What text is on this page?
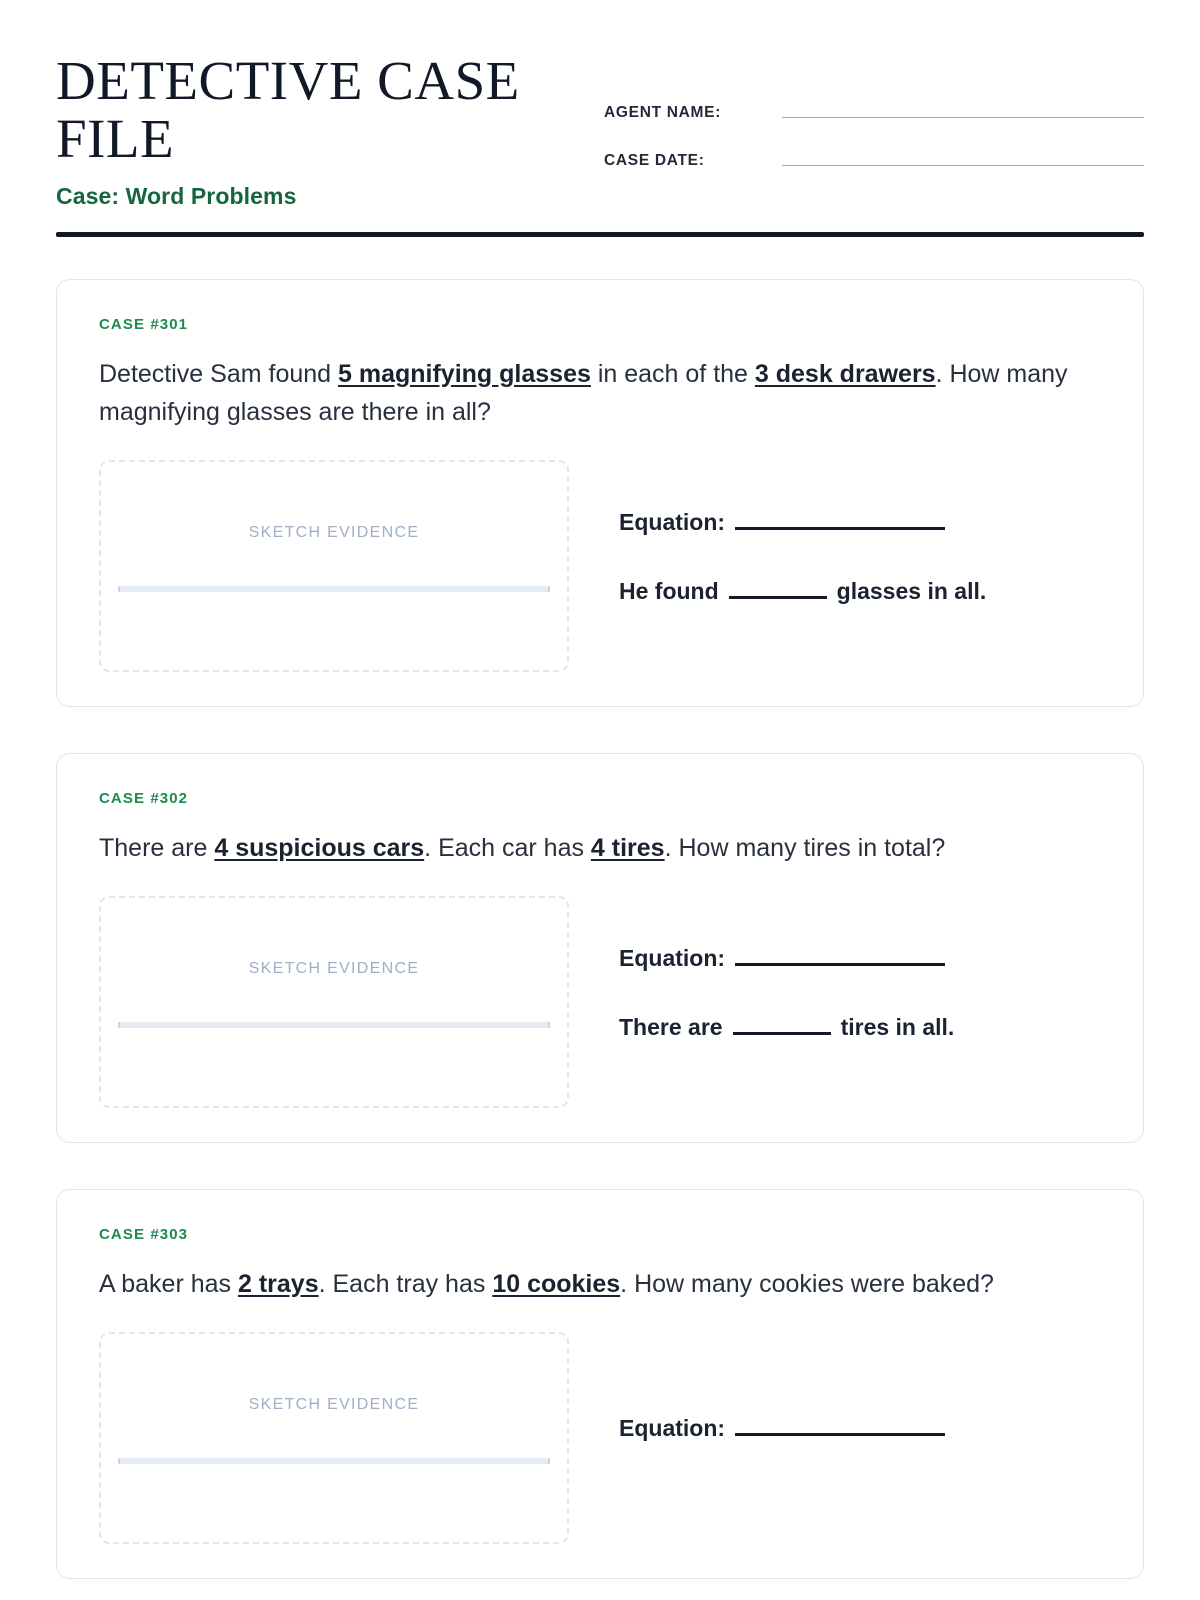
DETECTIVE CASE FILE
Case: Word Problems
AGENT NAME:
CASE DATE:
CASE #301
Detective Sam found 5 magnifying glasses in each of the 3 desk drawers. How many magnifying glasses are there in all?
SKETCH EVIDENCE	Equation:
He found	glasses in all.
CASE #302
There are 4 suspicious cars. Each car has 4 tires. How many tires in total?
SKETCH EVIDENCE	Equation:
There are	tires in all.
CASE #303
A baker has 2 trays. Each tray has 10 cookies. How many cookies were baked?
SKETCH EVIDENCE
Equation:
